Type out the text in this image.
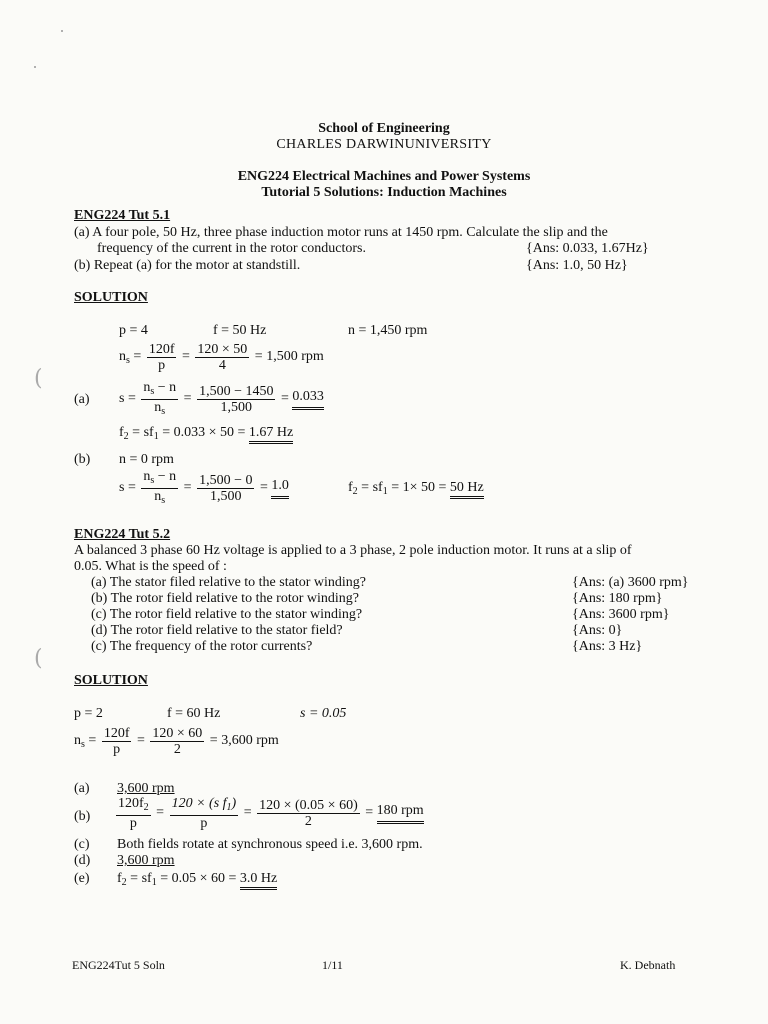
(
(
School of Engineering
CHARLES DARWINUNIVERSITY
ENG224 Electrical Machines and Power Systems
Tutorial 5 Solutions: Induction Machines
ENG224 Tut 5.1
(a) A four pole, 50 Hz, three phase induction motor runs at 1450 rpm. Calculate the slip and the
frequency of the current in the rotor conductors.	{Ans: 0.033, 1.67Hz}
(b) Repeat (a) for the motor at standstill.	{Ans: 1.0, 50 Hz}
SOLUTION
p = 4	f = 50 Hz	n = 1,450 rpm
$n_s = \frac{120f}{p} = \frac{120 \times 50}{4} = 1,500$ rpm
(a) $s = \frac{n_s - n}{n_s} = \frac{1,500 - 1450}{1,500} = 0.033$
$f_2 = sf_1 = 0.033 \times 50 = 1.67$ Hz
(b) n = 0 rpm
$s = \frac{n_s - n}{n_s} = \frac{1,500 - 0}{1,500} = 1.0$	$f_2 = sf_1 = 1\times 50 = 50$ Hz
ENG224 Tut 5.2
A balanced 3 phase 60 Hz voltage is applied to a 3 phase, 2 pole induction motor. It runs at a slip of
0.05. What is the speed of :
(a) The stator filed relative to the stator winding?	{Ans: (a) 3600 rpm}
(b) The rotor field relative to the rotor winding?	{Ans: 180 rpm}
(c) The rotor field relative to the stator winding?	{Ans: 3600 rpm}
(d) The rotor field relative to the stator field?	{Ans: 0}
(c) The frequency of the rotor currents?	{Ans: 3 Hz}
SOLUTION
p = 2	f = 60 Hz	s = 0.05
$n_s = \frac{120f}{p} = \frac{120 \times 60}{2} = 3,600$ rpm
(a) 3,600 rpm
$(b) \frac{120f_2}{p} = \frac{120 \times (s f_1)}{p} = \frac{120 \times (0.05 \times 60)}{2} = 180$ rpm
(c) Both fields rotate at synchronous speed i.e. 3,600 rpm.
(d) 3,600 rpm
(e) $f_2 = sf_1 = 0.05 \times 60 = 3.0$ Hz
ENG224Tut 5 Soln	1/11	K. Debnath
